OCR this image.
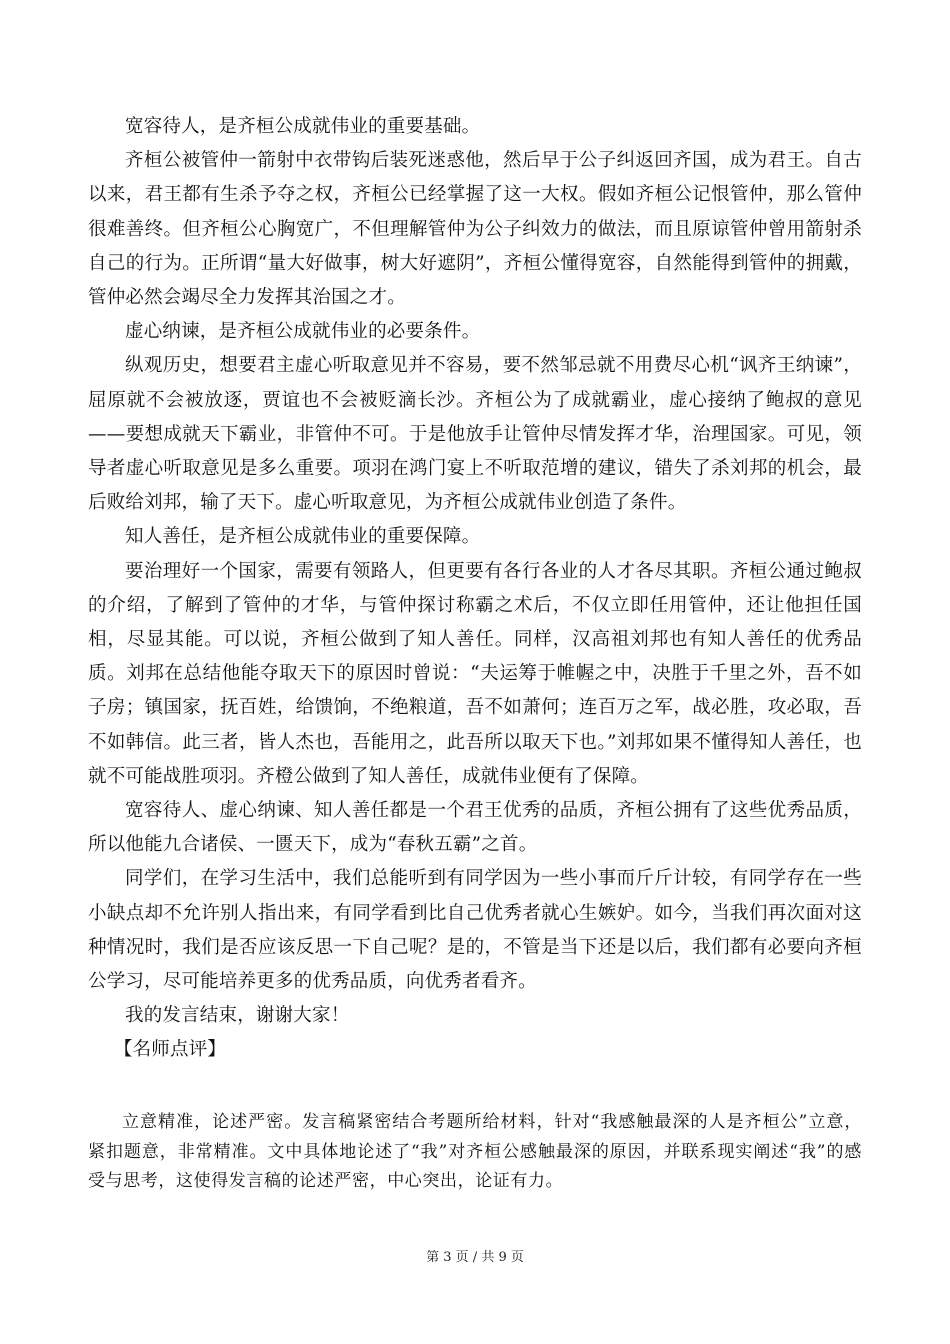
宽容待人，是齐桓公成就伟业的重要基础。

齐桓公被管仲一箭射中衣带钩后装死迷惑他，然后早于公子纠返回齐国，成为君王。自古以来，君王都有生杀予夺之权，齐桓公已经掌握了这一大权。假如齐桓公记恨管仲，那么管仲很难善终。但齐桓公心胸宽广，不但理解管仲为公子纠效力的做法，而且原谅管仲曾用箭射杀自己的行为。正所谓“量大好做事，树大好遮阴”，齐桓公懂得宽容，自然能得到管仲的拥戴，管仲必然会竭尽全力发挥其治国之才。

虚心纳谏，是齐桓公成就伟业的必要条件。

纵观历史，想要君主虚心听取意见并不容易，要不然邹忌就不用费尽心机“讽齐王纳谏”，屈原就不会被放逐，贾谊也不会被贬滴长沙。齐桓公为了成就霸业，虚心接纳了鲍叔的意见——要想成就天下霸业，非管仲不可。于是他放手让管仲尽情发挥才华，治理国家。可见，领导者虚心听取意见是多么重要。项羽在鸿门宴上不听取范增的建议，错失了杀刘邦的机会，最后败给刘邦，输了天下。虚心听取意见，为齐桓公成就伟业创造了条件。

知人善任，是齐桓公成就伟业的重要保障。

要治理好一个国家，需要有领路人，但更要有各行各业的人才各尽其职。齐桓公通过鲍叔的介绍，了解到了管仲的才华，与管仲探讨称霸之术后，不仅立即任用管仲，还让他担任国相，尽显其能。可以说，齐桓公做到了知人善任。同样，汉高祖刘邦也有知人善任的优秀品质。刘邦在总结他能夺取天下的原因时曾说：“夫运筹于帷幄之中，决胜于千里之外，吾不如子房；镇国家，抚百姓，给馈饷，不绝粮道，吾不如萧何；连百万之军，战必胜，攻必取，吾不如韩信。此三者，皆人杰也，吾能用之，此吾所以取天下也。”刘邦如果不懂得知人善任，也就不可能战胜项羽。齐橙公做到了知人善任，成就伟业便有了保障。

宽容待人、虚心纳谏、知人善任都是一个君王优秀的品质，齐桓公拥有了这些优秀品质，所以他能九合诸侯、一匮天下，成为“春秋五霸”之首。

同学们，在学习生活中，我们总能听到有同学因为一些小事而斤斤计较，有同学存在一些小缺点却不允许别人指出来，有同学看到比自己优秀者就心生嫉妒。如今，当我们再次面对这种情况时，我们是否应该反思一下自己呢？是的，不管是当下还是以后，我们都有必要向齐桓公学习，尽可能培养更多的优秀品质，向优秀者看齐。

我的发言结束，谢谢大家！

【名师点评】

立意精准，论述严密。发言稿紧密结合考题所给材料，针对“我感触最深的人是齐桓公”立意，紧扣题意，非常精准。文中具体地论述了“我”对齐桓公感触最深的原因，并联系现实阐述“我”的感受与思考，这使得发言稿的论述严密，中心突出，论证有力。

第 3 页 / 共 9 页
